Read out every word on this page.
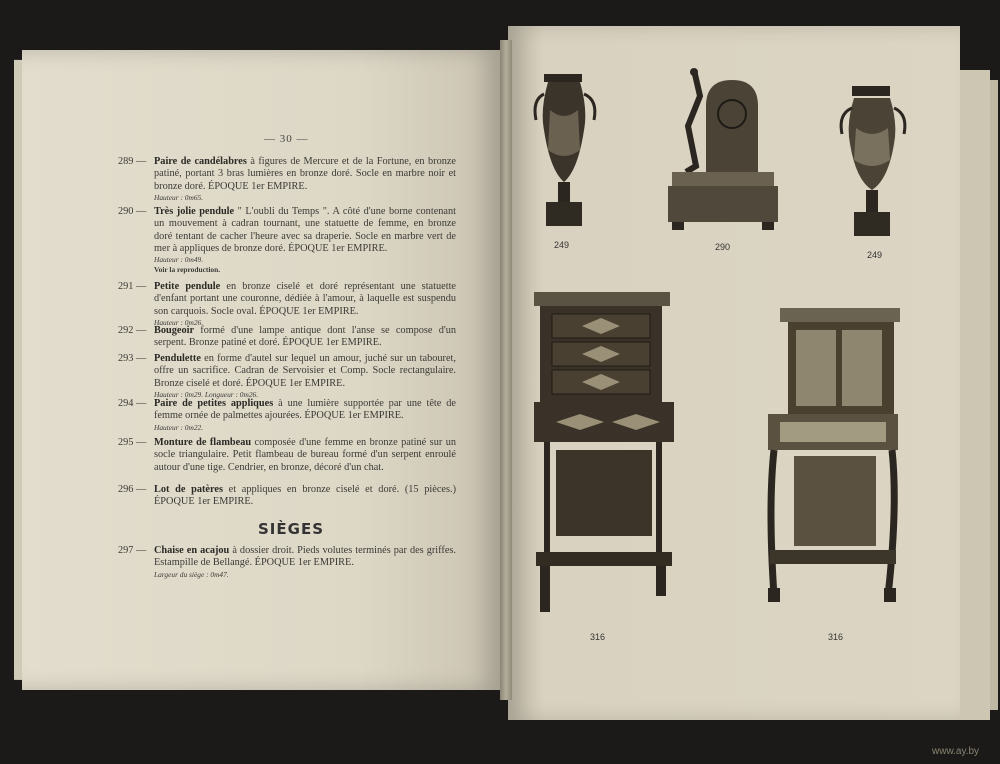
— 30 —
289 — Paire de candélabres à figures de Mercure et de la Fortune, en bronze patiné, portant 3 bras lumières en bronze doré. Socle en marbre noir et bronze doré. ÉPOQUE 1er EMPIRE.
Hauteur : 0m65.
290 — Très jolie pendule " L'oubli du Temps ". A côté d'une borne contenant un mouvement à cadran tournant, une statuette de femme, en bronze doré tentant de cacher l'heure avec sa draperie. Socle en marbre vert de mer à appliques de bronze doré. ÉPOQUE 1er EMPIRE.
Hauteur : 0m49.
Voir la reproduction.
291 — Petite pendule en bronze ciselé et doré représentant une statuette d'enfant portant une couronne, dédiée à l'amour, à laquelle est suspendu son carquois. Socle oval. ÉPOQUE 1er EMPIRE.
Hauteur : 0m26.
292 — Bougeoir formé d'une lampe antique dont l'anse se compose d'un serpent. Bronze patiné et doré. ÉPOQUE 1er EMPIRE.
293 — Pendulette en forme d'autel sur lequel un amour, juché sur un tabouret, offre un sacrifice. Cadran de Servoisier et Comp. Socle rectangulaire. Bronze ciselé et doré. ÉPOQUE 1er EMPIRE.
Hauteur : 0m29. Longueur : 0m26.
294 — Paire de petites appliques à une lumière supportée par une tête de femme ornée de palmettes ajourées. ÉPOQUE 1er EMPIRE.
Hauteur : 0m22.
295 — Monture de flambeau composée d'une femme en bronze patiné sur un socle triangulaire. Petit flambeau de bureau formé d'un serpent enroulé autour d'une tige. Cendrier, en bronze, décoré d'un chat.
296 — Lot de patères et appliques en bronze ciselé et doré. (15 pièces.) ÉPOQUE 1er EMPIRE.
SIÈGES
297 — Chaise en acajou à dossier droit. Pieds volutes terminés par des griffes. Estampille de Bellangé. ÉPOQUE 1er EMPIRE.
Largeur du siège : 0m47.
249	290
249
316	316
www.ay.by
